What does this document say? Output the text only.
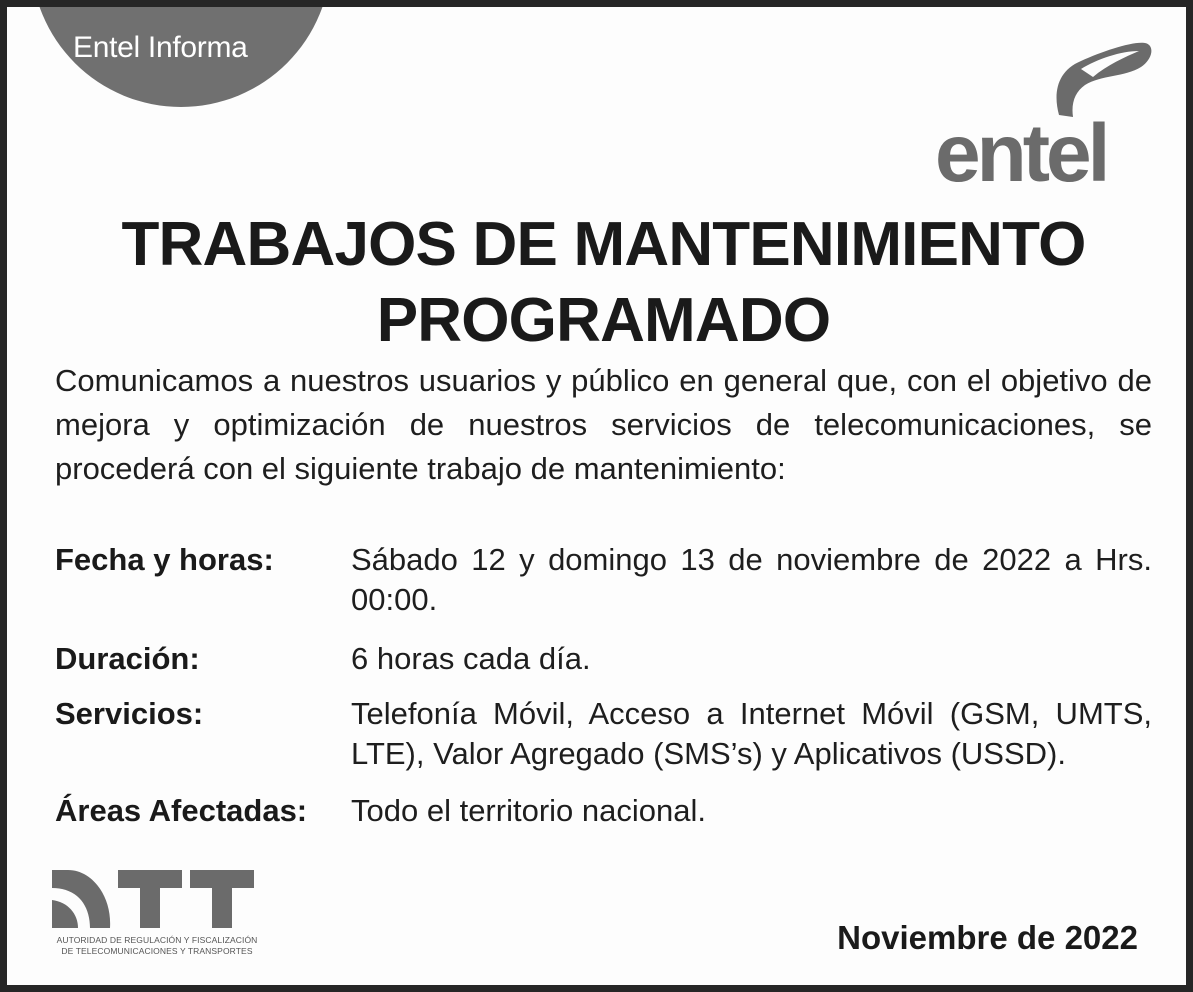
Entel Informa
entel
TRABAJOS DE MANTENIMIENTO
PROGRAMADO
Comunicamos a nuestros usuarios y público en general que, con el objetivo de mejora y optimización de nuestros servicios de telecomunicaciones, se procederá con el siguiente trabajo de mantenimiento:
Fecha y horas: Sábado 12 y domingo 13 de noviembre de 2022 a Hrs. 00:00.
Duración:	6 horas cada día.
Servicios:	Telefonía Móvil, Acceso a Internet Móvil (GSM, UMTS, LTE), Valor Agregado (SMS’s) y Aplicativos (USSD).
Áreas Afectadas: Todo el territorio nacional.
AUTORIDAD DE REGULACIÓN Y FISCALIZACIÓN
DE TELECOMUNICACIONES Y TRANSPORTES	Noviembre de 2022
